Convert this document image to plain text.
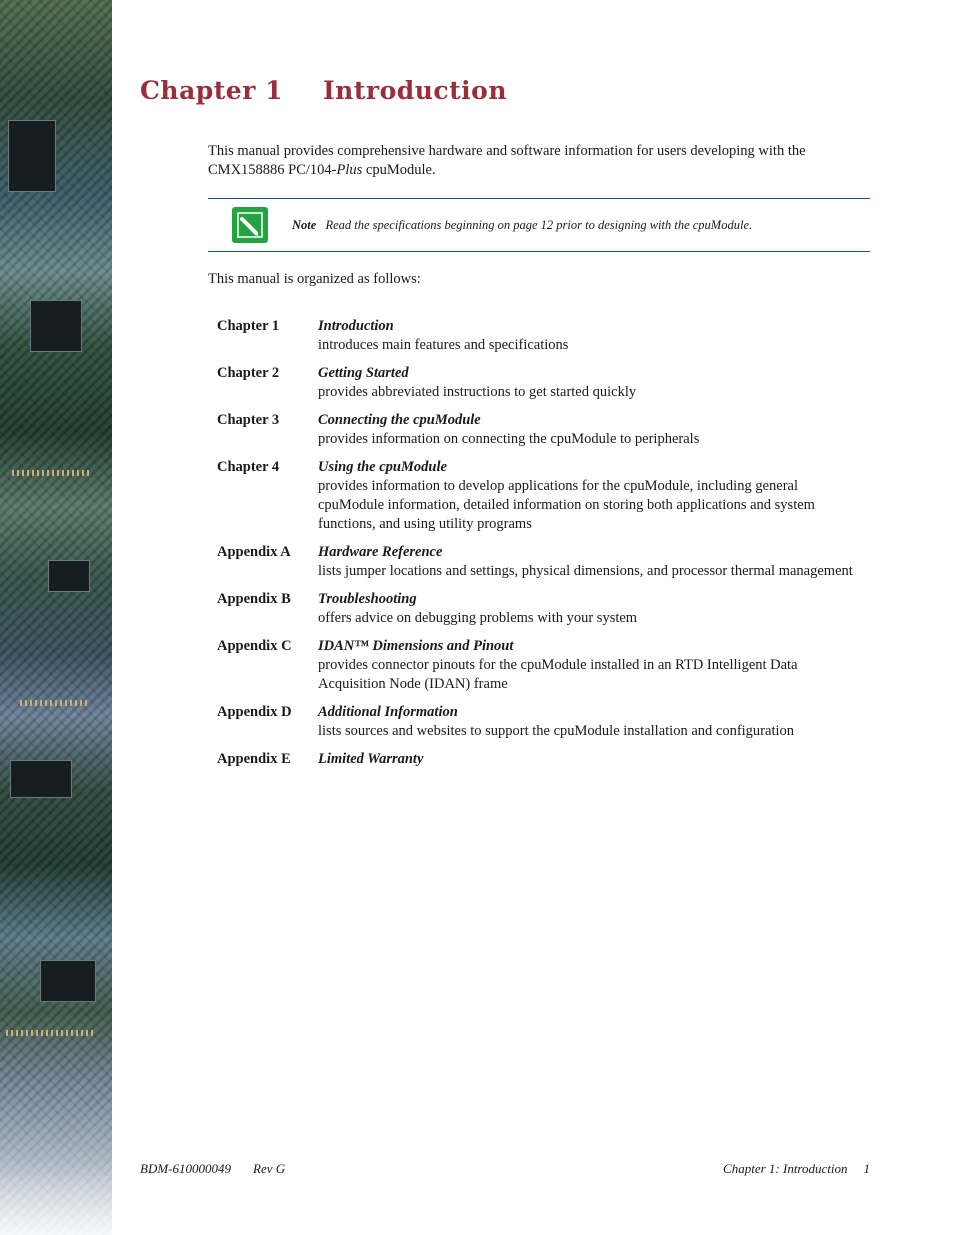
Chapter 1 Introduction

This manual provides comprehensive hardware and software information for users developing with the CMX158886 PC/104-Plus cpuModule.

Note Read the specifications beginning on page 12 prior to designing with the cpuModule.

This manual is organized as follows:

Chapter 1	Introduction
introduces main features and specifications
Chapter 2	Getting Started
provides abbreviated instructions to get started quickly
Chapter 3	Connecting the cpuModule
provides information on connecting the cpuModule to peripherals
Chapter 4	Using the cpuModule
provides information to develop applications for the cpuModule, including general cpuModule information, detailed information on storing both applications and system functions, and using utility programs
Appendix A	Hardware Reference
lists jumper locations and settings, physical dimensions, and processor thermal management
Appendix B	Troubleshooting
offers advice on debugging problems with your system
Appendix C	IDAN™ Dimensions and Pinout
provides connector pinouts for the cpuModule installed in an RTD Intelligent Data Acquisition Node (IDAN) frame
Appendix D	Additional Information
lists sources and websites to support the cpuModule installation and configuration
Appendix E	Limited Warranty
BDM-610000049 Rev G	Chapter 1: Introduction 1
